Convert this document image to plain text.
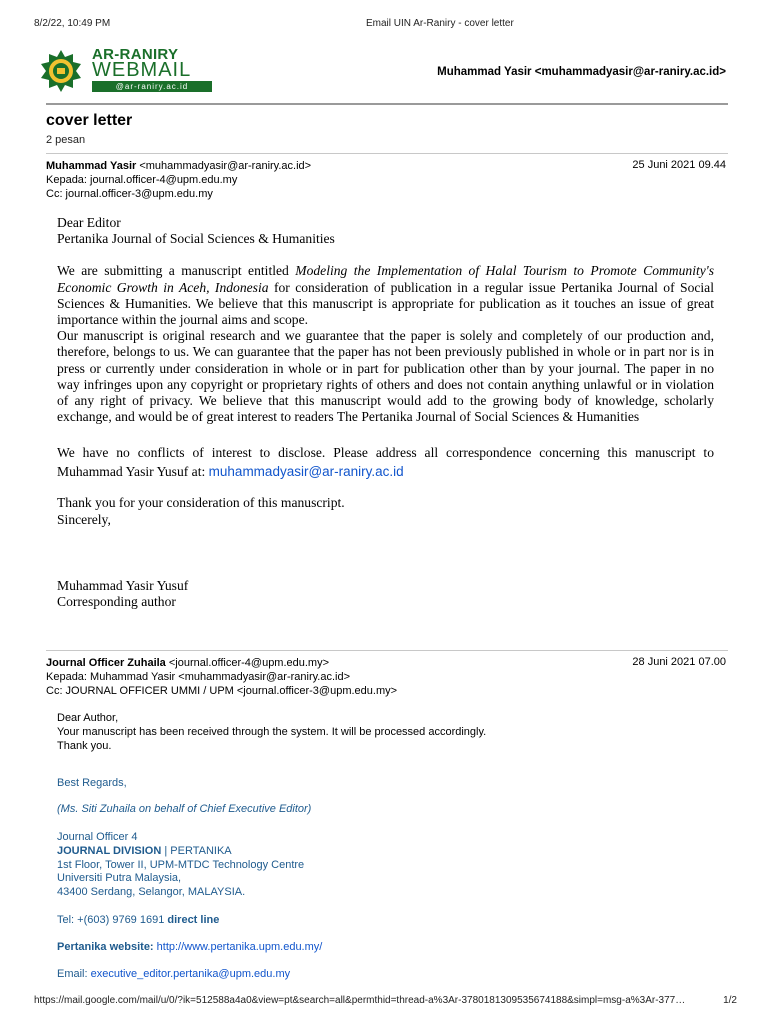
8/2/22, 10:49 PM	Email UIN Ar-Raniry - cover letter
AR-RANIRY
WEBMAIL
@ar-raniry.ac.id
Muhammad Yasir <muhammadyasir@ar-raniry.ac.id>
cover letter
2 pesan
Muhammad Yasir <muhammadyasir@ar-raniry.ac.id>
Kepada: journal.officer-4@upm.edu.my
Cc: journal.officer-3@upm.edu.my
25 Juni 2021 09.44

Dear Editor

Pertanika Journal of Social Sciences & Humanities

We are submitting a manuscript entitled Modeling the Implementation of Halal Tourism to Promote Community's Economic Growth in Aceh, Indonesia for consideration of publication in a regular issue Pertanika Journal of Social Sciences & Humanities. We believe that this manuscript is appropriate for publication as it touches an issue of great importance within the journal aims and scope.

Our manuscript is original research and we guarantee that the paper is solely and completely of our production and, therefore, belongs to us. We can guarantee that the paper has not been previously published in whole or in part nor is in press or currently under consideration in whole or in part for publication other than by your journal. The paper in no way infringes upon any copyright or proprietary rights of others and does not contain anything unlawful or in violation of any right of privacy. We believe that this manuscript would add to the growing body of knowledge, scholarly exchange, and would be of great interest to readers The Pertanika Journal of Social Sciences & Humanities

We have no conflicts of interest to disclose. Please address all correspondence concerning this manuscript to Muhammad Yasir Yusuf at: muhammadyasir@ar-raniry.ac.id

Thank you for your consideration of this manuscript.

Sincerely,

Muhammad Yasir Yusuf

Corresponding author

Journal Officer Zuhaila <journal.officer-4@upm.edu.my>
Kepada: Muhammad Yasir <muhammadyasir@ar-raniry.ac.id>
Cc: JOURNAL OFFICER UMMI / UPM <journal.officer-3@upm.edu.my>
28 Juni 2021 07.00

Dear Author,

Your manuscript has been received through the system. It will be processed accordingly.

Thank you.

Best Regards,

(Ms. Siti Zuhaila on behalf of Chief Executive Editor)

Journal Officer 4

JOURNAL DIVISION | PERTANIKA

1st Floor, Tower II, UPM-MTDC Technology Centre

Universiti Putra Malaysia,

43400 Serdang, Selangor, MALAYSIA.

Tel: +(603) 9769 1691 direct line

Pertanika website: http://www.pertanika.upm.edu.my/

Email: executive_editor.pertanika@upm.edu.my

https://mail.google.com/mail/u/0/?ik=512588a4a0&view=pt&search=all&permthid=thread-a%3Ar-3780181309535674188&simpl=msg-a%3Ar-377…	1/2
